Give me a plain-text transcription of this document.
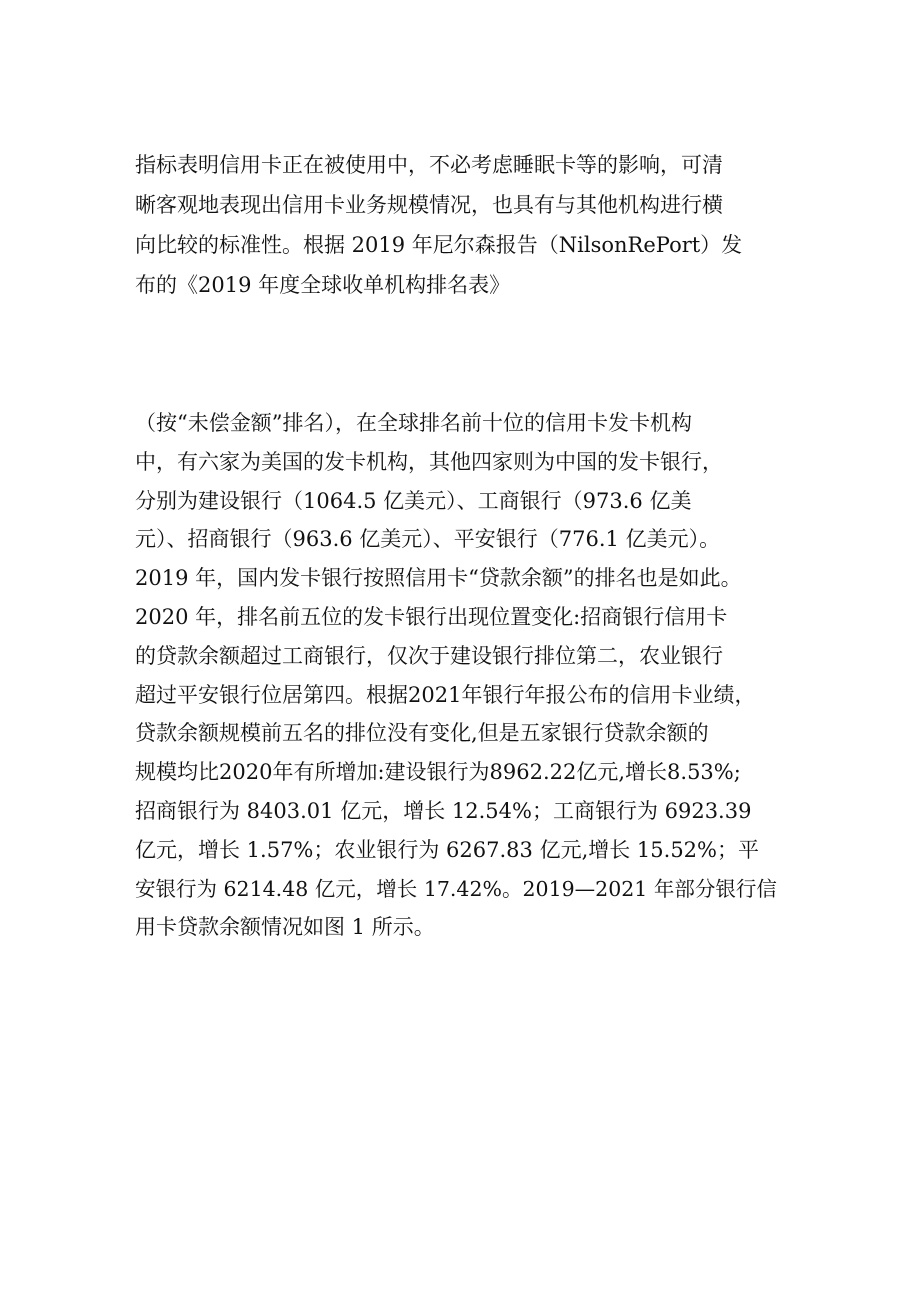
指标表明信用卡正在被使用中，不必考虑睡眠卡等的影响，可清
晰客观地表现出信用卡业务规模情况，也具有与其他机构进行横
向比较的标准性。根据 2019 年尼尔森报告（NilsonRePort）发
布的《2019 年度全球收单机构排名表》
（按“未偿金额”排名），在全球排名前十位的信用卡发卡机构
中，有六家为美国的发卡机构，其他四家则为中国的发卡银行，
分别为建设银行（1064.5 亿美元）、工商银行（973.6 亿美
元）、招商银行（963.6 亿美元）、平安银行（776.1 亿美元）。
2019 年，国内发卡银行按照信用卡“贷款余额”的排名也是如此。
2020 年，排名前五位的发卡银行出现位置变化:招商银行信用卡
的贷款余额超过工商银行，仅次于建设银行排位第二，农业银行
超过平安银行位居第四。根据2021年银行年报公布的信用卡业绩，
贷款余额规模前五名的排位没有变化,但是五家银行贷款余额的
规模均比2020年有所增加:建设银行为8962.22亿元,增长8.53%;
招商银行为 8403.01 亿元，增长 12.54%；工商银行为 6923.39
亿元，增长 1.57%；农业银行为 6267.83 亿元,增长 15.52%；平
安银行为 6214.48 亿元，增长 17.42%。2019—2021 年部分银行信
用卡贷款余额情况如图 1 所示。
